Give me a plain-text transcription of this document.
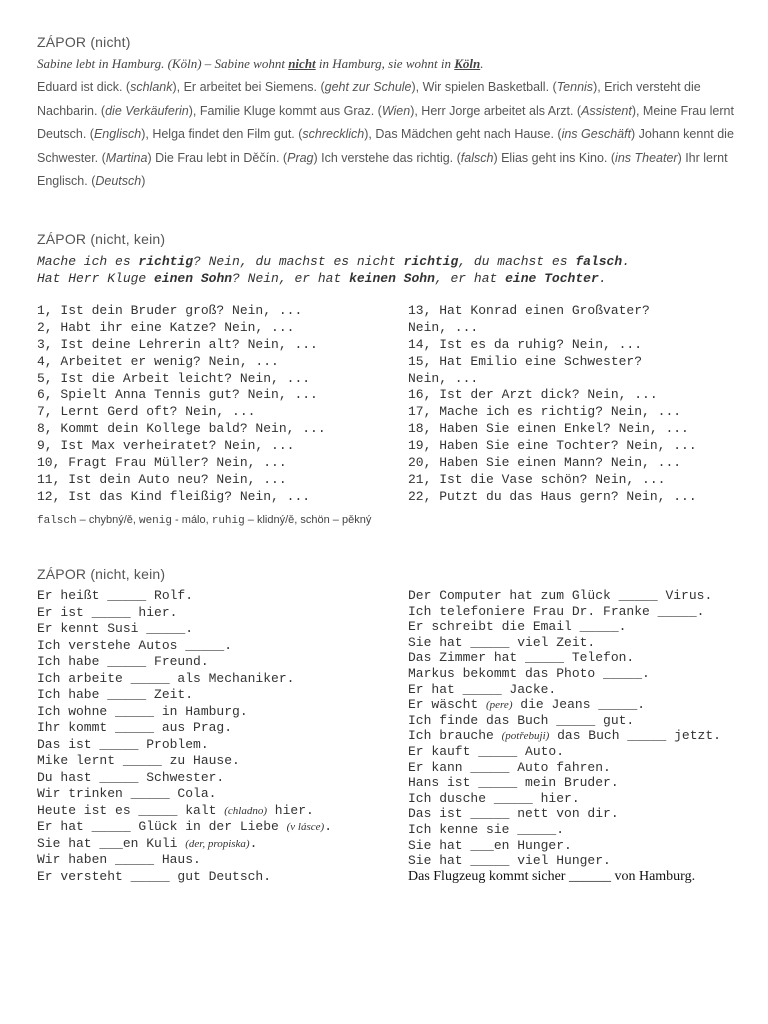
ZÁPOR (nicht)
Sabine lebt in Hamburg. (Köln) – Sabine wohnt nicht in Hamburg, sie wohnt in Köln.
Eduard ist dick. (schlank), Er arbeitet bei Siemens. (geht zur Schule), Wir spielen Basketball. (Tennis), Erich versteht die Nachbarin. (die Verkäuferin), Familie Kluge kommt aus Graz. (Wien), Herr Jorge arbeitet als Arzt. (Assistent), Meine Frau lernt Deutsch. (Englisch), Helga findet den Film gut. (schrecklich), Das Mädchen geht nach Hause. (ins Geschäft) Johann kennt die Schwester. (Martina) Die Frau lebt in Děčín. (Prag) Ich verstehe das richtig. (falsch) Elias geht ins Kino. (ins Theater) Ihr lernt Englisch. (Deutsch)
ZÁPOR (nicht, kein)
Mache ich es richtig? Nein, du machst es nicht richtig, du machst es falsch.
Hat Herr Kluge einen Sohn? Nein, er hat keinen Sohn, er hat eine Tochter.
1, Ist dein Bruder groß? Nein, ...
2, Habt ihr eine Katze? Nein, ...
3, Ist deine Lehrerin alt? Nein, ...
4, Arbeitet er wenig? Nein, ...
5, Ist die Arbeit leicht? Nein, ...
6, Spielt Anna Tennis gut? Nein, ...
7, Lernt Gerd oft? Nein, ...
8, Kommt dein Kollege bald? Nein, ...
9, Ist Max verheiratet? Nein, ...
10, Fragt Frau Müller? Nein, ...
11, Ist dein Auto neu? Nein, ...
12, Ist das Kind fleißig? Nein, ...
13, Hat Konrad einen Großvater?
Nein, ...
14, Ist es da ruhig? Nein, ...
15, Hat Emilio eine Schwester?
Nein, ...
16, Ist der Arzt dick? Nein, ...
17, Mache ich es richtig? Nein, ...
18, Haben Sie einen Enkel? Nein, ...
19, Haben Sie eine Tochter? Nein, ...
20, Haben Sie einen Mann? Nein, ...
21, Ist die Vase schön? Nein, ...
22, Putzt du das Haus gern? Nein, ...
falsch – chybný/ě, wenig - málo, ruhig – klidný/ě, schön – pěkný
ZÁPOR (nicht, kein)
Er heißt _____ Rolf.
Er ist _____ hier.
Er kennt Susi _____.
Ich verstehe Autos _____.
Ich habe _____ Freund.
Ich arbeite _____ als Mechaniker.
Ich habe _____ Zeit.
Ich wohne _____ in Hamburg.
Ihr kommt _____ aus Prag.
Das ist _____ Problem.
Mike lernt _____ zu Hause.
Du hast _____ Schwester.
Wir trinken _____ Cola.
Heute ist es _____ kalt (chladno) hier.
Er hat _____ Glück in der Liebe (v lásce).
Sie hat ___en Kuli (der, propiska).
Wir haben _____ Haus.
Er versteht _____ gut Deutsch.
Der Computer hat zum Glück _____ Virus.
Ich telefoniere Frau Dr. Franke _____.
Er schreibt die Email _____.
Sie hat _____ viel Zeit.
Das Zimmer hat _____ Telefon.
Markus bekommt das Photo _____.
Er hat _____ Jacke.
Er wäscht (pere) die Jeans _____.
Ich finde das Buch _____ gut.
Ich brauche (potřebuji) das Buch _____ jetzt.
Er kauft _____ Auto.
Er kann _____ Auto fahren.
Hans ist _____ mein Bruder.
Ich dusche _____ hier.
Das ist _____ nett von dir.
Ich kenne sie _____.
Sie hat ___en Hunger.
Sie hat _____ viel Hunger.
Das Flugzeug kommt sicher ______ von Hamburg.
